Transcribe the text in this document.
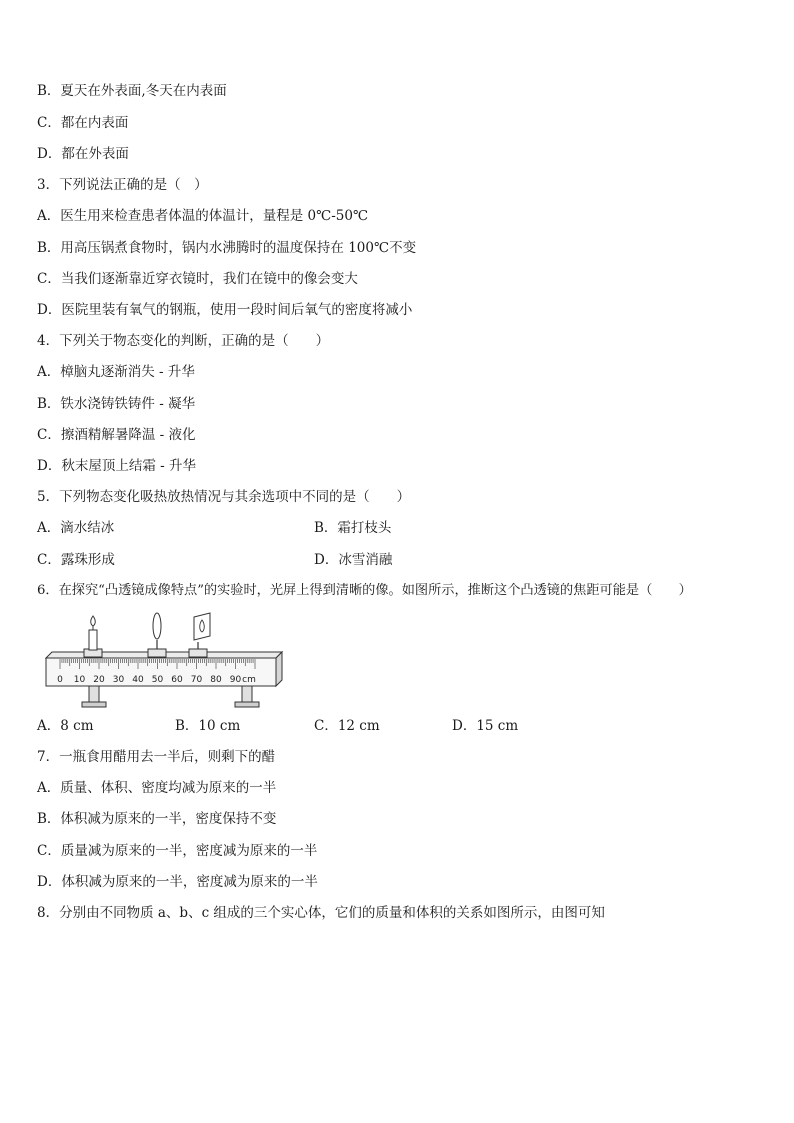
B．夏天在外表面,冬天在内表面
C．都在内表面
D．都在外表面
3．下列说法正确的是（　）
A．医生用来检查患者体温的体温计，量程是 0℃-50℃
B．用高压锅煮食物时，锅内水沸腾时的温度保持在 100℃不变
C．当我们逐渐靠近穿衣镜时，我们在镜中的像会变大
D．医院里装有氧气的钢瓶，使用一段时间后氧气的密度将减小
4．下列关于物态变化的判断，正确的是（　　）
A．樟脑丸逐渐消失 - 升华
B．铁水浇铸铁铸件 - 凝华
C．擦酒精解暑降温 - 液化
D．秋末屋顶上结霜 - 升华
5．下列物态变化吸热放热情况与其余选项中不同的是（　　）
A．滴水结冰	B．霜打枝头
C．露珠形成	D．冰雪消融
6．在探究“凸透镜成像特点”的实验时，光屏上得到清晰的像。如图所示，推断这个凸透镜的焦距可能是（　　）
0 10 20 30 40 50 60 70 80 90 cm
A．8 cm	B．10 cm	C．12 cm	D．15 cm
7．一瓶食用醋用去一半后，则剩下的醋
A．质量、体积、密度均减为原来的一半
B．体积减为原来的一半，密度保持不变
C．质量减为原来的一半，密度减为原来的一半
D．体积减为原来的一半，密度减为原来的一半
8．分别由不同物质 a、b、c 组成的三个实心体，它们的质量和体积的关系如图所示，由图可知
